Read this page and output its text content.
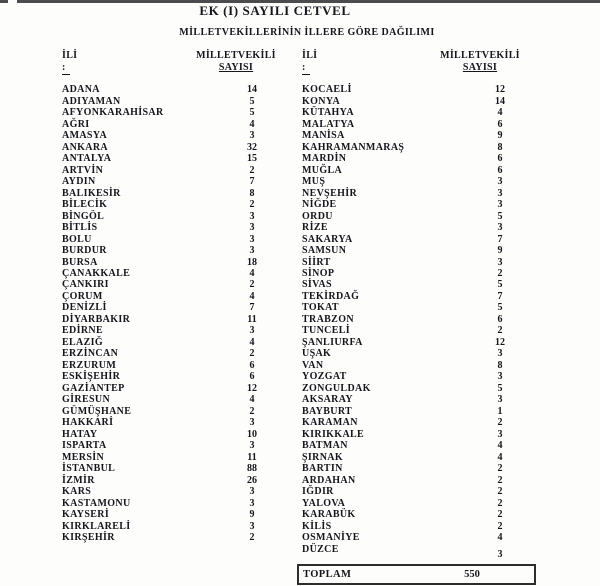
EK (I) SAYILI CETVEL
MİLLETVEKİLLERİNİN İLLERE GÖRE DAĞILIMI
İLİ
:
MİLLETVEKİLİ
SAYISI
İLİ
:
MİLLETVEKİLİ
SAYISI
ADANA	14
ADIYAMAN	5
AFYONKARAHİSAR	5
AĞRI	4
AMASYA	3
ANKARA	32
ANTALYA	15
ARTVİN	2
AYDIN	7
BALIKESİR	8
BİLECİK	2
BİNGÖL	3
BİTLİS	3
BOLU	3
BURDUR	3
BURSA	18
ÇANAKKALE	4
ÇANKIRI	2
ÇORUM	4
DENİZLİ	7
DİYARBAKIR	11
EDİRNE	3
ELAZIĞ	4
ERZİNCAN	2
ERZURUM	6
ESKİŞEHİR	6
GAZİANTEP	12
GİRESUN	4
GÜMÜŞHANE	2
HAKKARİ	3
HATAY	10
ISPARTA	3
MERSİN	11
İSTANBUL	88
İZMİR	26
KARS	3
KASTAMONU	3
KAYSERİ	9
KIRKLARELİ	3
KIRŞEHİR	2
KOCAELİ	12
KONYA	14
KÜTAHYA	4
MALATYA	6
MANİSA	9
KAHRAMANMARAŞ	8
MARDİN	6
MUĞLA	6
MUŞ	3
NEVŞEHİR	3
NİĞDE	3
ORDU	5
RİZE	3
SAKARYA	7
SAMSUN	9
SİİRT	3
SİNOP	2
SİVAS	5
TEKİRDAĞ	7
TOKAT	5
TRABZON	6
TUNCELİ	2
ŞANLIURFA	12
UŞAK	3
VAN	8
YOZGAT	3
ZONGULDAK	5
AKSARAY	3
BAYBURT	1
KARAMAN	2
KIRIKKALE	3
BATMAN	4
ŞIRNAK	4
BARTIN	2
ARDAHAN	2
IĞDIR	2
YALOVA	2
KARABÜK	2
KİLİS	2
OSMANİYE	4
DÜZCE	3
TOPLAM	550
